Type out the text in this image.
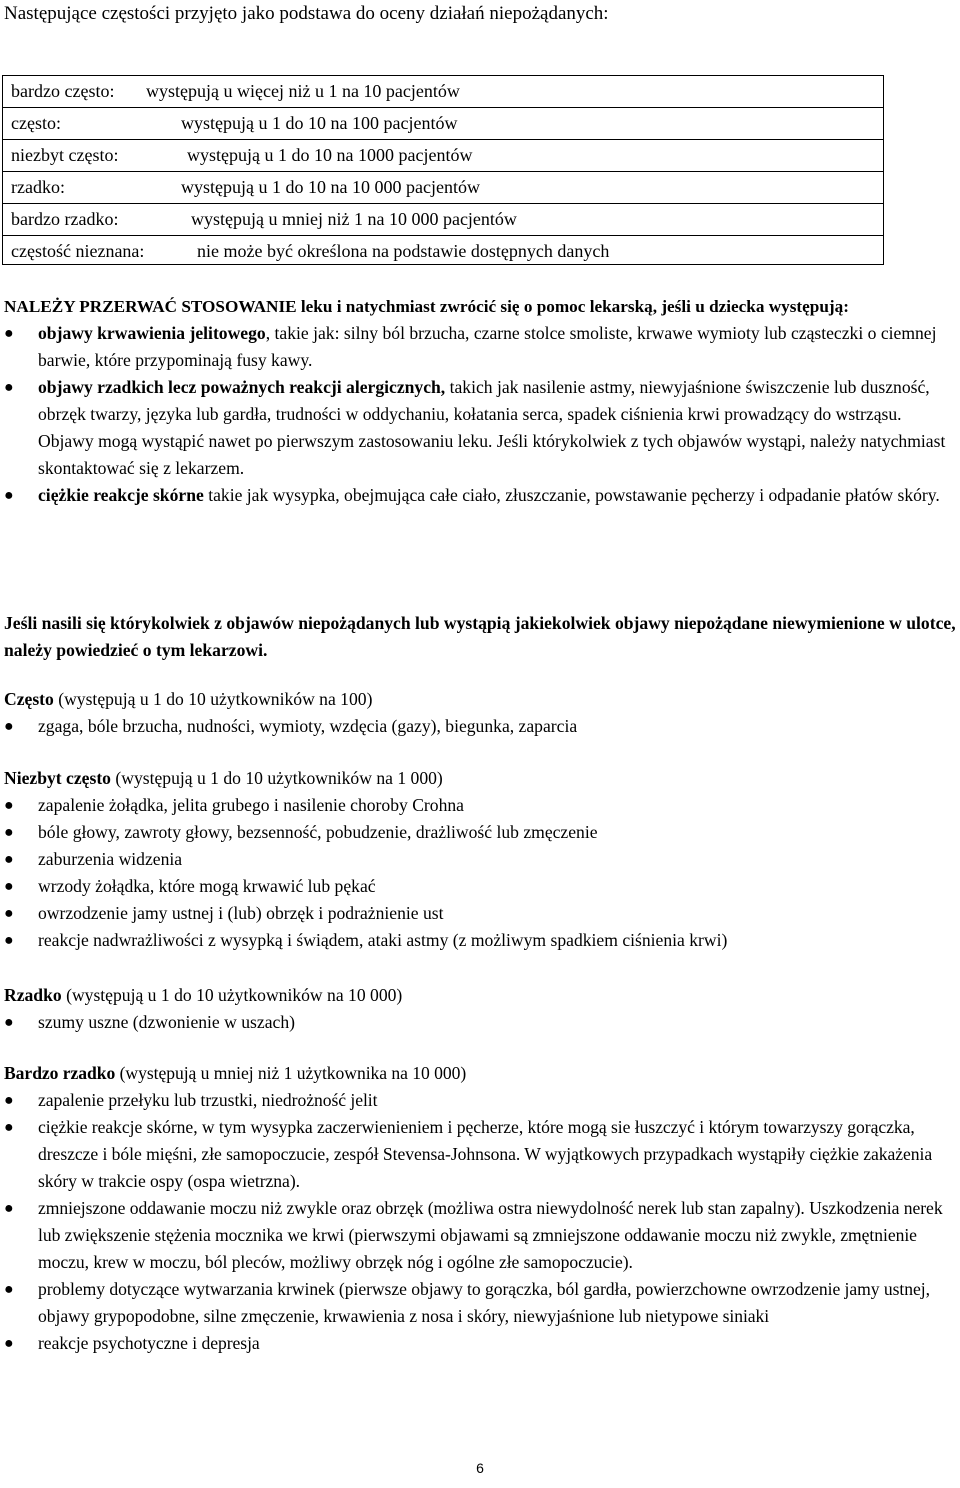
Następujące częstości przyjęto jako podstawa do oceny działań niepożądanych:
bardzo często: występują u więcej niż u 1 na 10 pacjentów
często:	występują u 1 do 10 na 100 pacjentów
niezbyt często:	występują u 1 do 10 na 1000 pacjentów
rzadko:	występują u 1 do 10 na 10 000 pacjentów
bardzo rzadko:	występują u mniej niż 1 na 10 000 pacjentów
częstość nieznana:	nie może być określona na podstawie dostępnych danych
NALEŻY PRZERWAĆ STOSOWANIE leku i natychmiast zwrócić się o pomoc lekarską, jeśli u dziecka występują:
● objawy krwawienia jelitowego, takie jak: silny ból brzucha, czarne stolce smoliste, krwawe wymioty lub cząsteczki o ciemnej barwie, które przypominają fusy kawy.
● objawy rzadkich lecz poważnych reakcji alergicznych, takich jak nasilenie astmy, niewyjaśnione świszczenie lub duszność, obrzęk twarzy, języka lub gardła, trudności w oddychaniu, kołatania serca, spadek ciśnienia krwi prowadzący do wstrząsu. Objawy mogą wystąpić nawet po pierwszym zastosowaniu leku. Jeśli którykolwiek z tych objawów wystąpi, należy natychmiast skontaktować się z lekarzem.
● ciężkie reakcje skórne takie jak wysypka, obejmująca całe ciało, złuszczanie, powstawanie pęcherzy i odpadanie płatów skóry.
Jeśli nasili się którykolwiek z objawów niepożądanych lub wystąpią jakiekolwiek objawy niepożądane niewymienione w ulotce, należy powiedzieć o tym lekarzowi.
Często (występują u 1 do 10 użytkowników na 100)
● zgaga, bóle brzucha, nudności, wymioty, wzdęcia (gazy), biegunka, zaparcia
Niezbyt często (występują u 1 do 10 użytkowników na 1 000)
● zapalenie żołądka, jelita grubego i nasilenie choroby Crohna
● bóle głowy, zawroty głowy, bezsenność, pobudzenie, drażliwość lub zmęczenie
● zaburzenia widzenia
● wrzody żołądka, które mogą krwawić lub pękać
● owrzodzenie jamy ustnej i (lub) obrzęk i podrażnienie ust
● reakcje nadwrażliwości z wysypką i świądem, ataki astmy (z możliwym spadkiem ciśnienia krwi)
Rzadko (występują u 1 do 10 użytkowników na 10 000)
● szumy uszne (dzwonienie w uszach)
Bardzo rzadko (występują u mniej niż 1 użytkownika na 10 000)
● zapalenie przełyku lub trzustki, niedrożność jelit
● ciężkie reakcje skórne, w tym wysypka zaczerwienieniem i pęcherze, które mogą sie łuszczyć i którym towarzyszy gorączka, dreszcze i bóle mięśni, złe samopoczucie, zespół Stevensa-Johnsona. W wyjątkowych przypadkach wystąpiły ciężkie zakażenia skóry w trakcie ospy (ospa wietrzna).
● zmniejszone oddawanie moczu niż zwykle oraz obrzęk (możliwa ostra niewydolność nerek lub stan zapalny). Uszkodzenia nerek lub zwiększenie stężenia mocznika we krwi (pierwszymi objawami są zmniejszone oddawanie moczu niż zwykle, zmętnienie moczu, krew w moczu, ból pleców, możliwy obrzęk nóg i ogólne złe samopoczucie).
● problemy dotyczące wytwarzania krwinek (pierwsze objawy to gorączka, ból gardła, powierzchowne owrzodzenie jamy ustnej, objawy grypopodobne, silne zmęczenie, krwawienia z nosa i skóry, niewyjaśnione lub nietypowe siniaki
● reakcje psychotyczne i depresja
6
